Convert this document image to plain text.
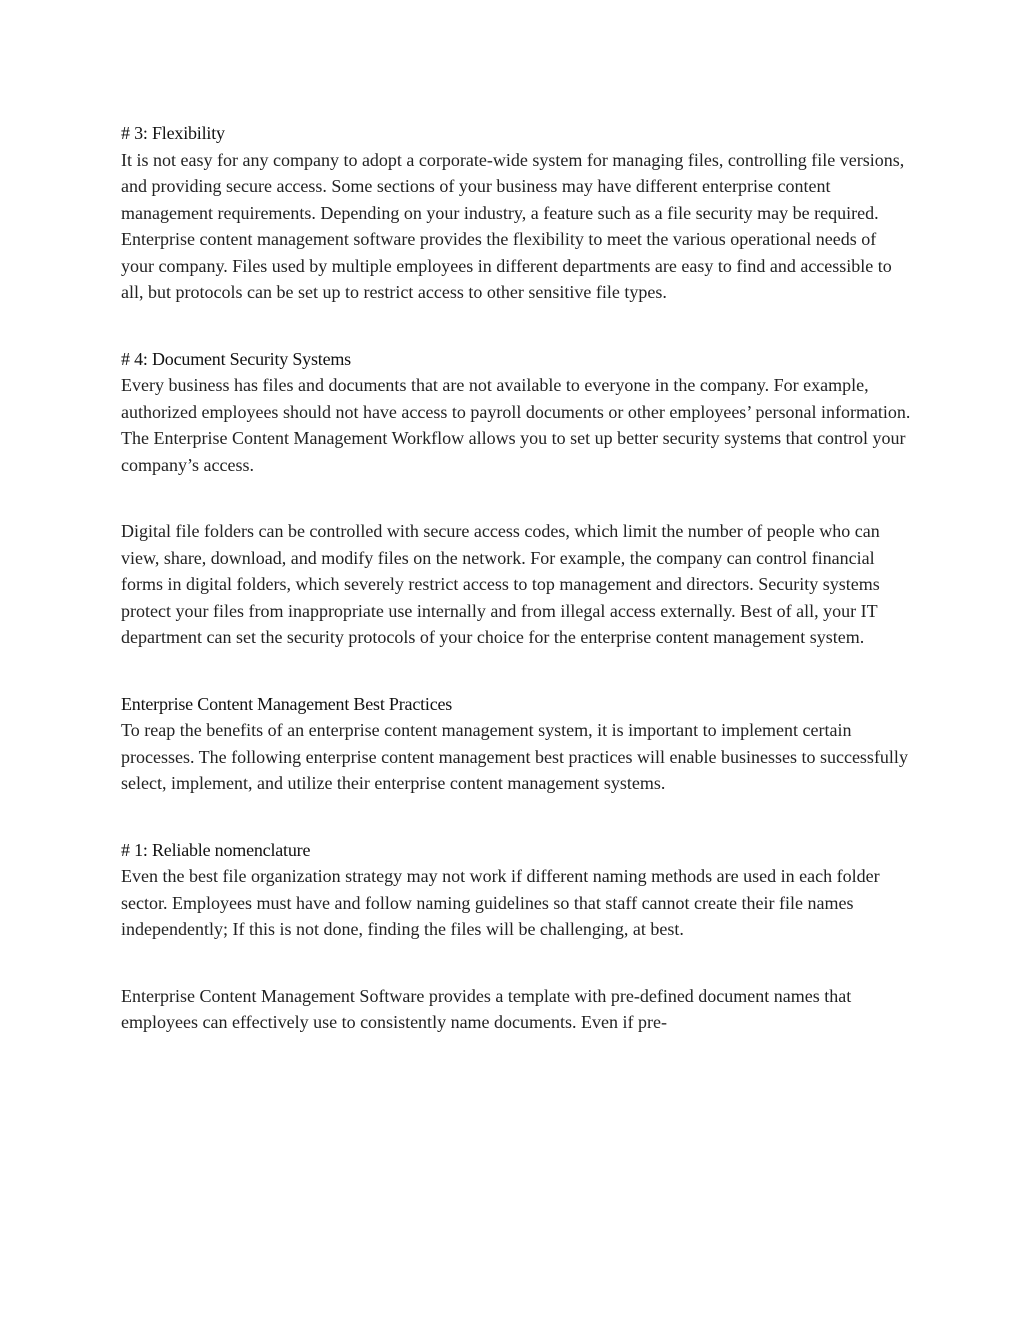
# 3: Flexibility

It is not easy for any company to adopt a corporate-wide system for managing files, controlling file versions, and providing secure access. Some sections of your business may have different enterprise content management requirements. Depending on your industry, a feature such as a file security may be required.

Enterprise content management software provides the flexibility to meet the various operational needs of your company. Files used by multiple employees in different departments are easy to find and accessible to all, but protocols can be set up to restrict access to other sensitive file types.

# 4: Document Security Systems

Every business has files and documents that are not available to everyone in the company. For example, authorized employees should not have access to payroll documents or other employees’ personal information. The Enterprise Content Management Workflow allows you to set up better security systems that control your company’s access.

Digital file folders can be controlled with secure access codes, which limit the number of people who can view, share, download, and modify files on the network. For example, the company can control financial forms in digital folders, which severely restrict access to top management and directors. Security systems protect your files from inappropriate use internally and from illegal access externally. Best of all, your IT department can set the security protocols of your choice for the enterprise content management system.

Enterprise Content Management Best Practices

To reap the benefits of an enterprise content management system, it is important to implement certain processes. The following enterprise content management best practices will enable businesses to successfully select, implement, and utilize their enterprise content management systems.

# 1: Reliable nomenclature

Even the best file organization strategy may not work if different naming methods are used in each folder sector. Employees must have and follow naming guidelines so that staff cannot create their file names independently; If this is not done, finding the files will be challenging, at best.

Enterprise Content Management Software provides a template with pre-defined document names that employees can effectively use to consistently name documents. Even if pre-
